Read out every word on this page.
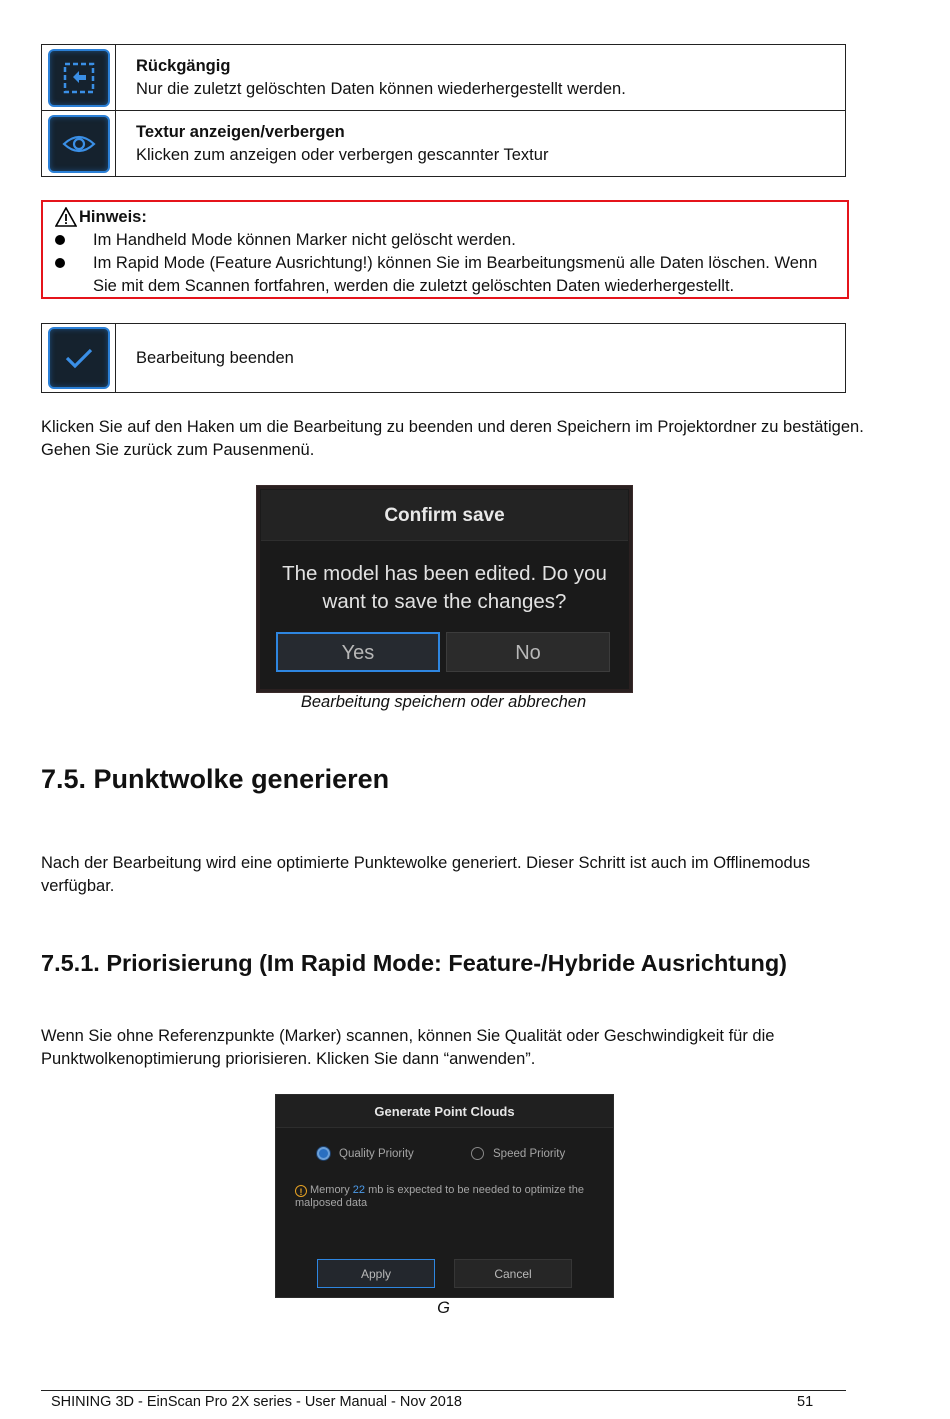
Rückgängig
Nur die zuletzt gelöschten Daten können wiederhergestellt werden.
Textur anzeigen/verbergen
Klicken zum anzeigen oder verbergen gescannter Textur
Hinweis:
Im Handheld Mode können Marker nicht gelöscht werden.
Im Rapid Mode (Feature Ausrichtung!) können Sie im Bearbeitungsmenü alle Daten löschen. Wenn Sie mit dem Scannen fortfahren, werden die zuletzt gelöschten Daten wiederhergestellt.
Bearbeitung beenden
Klicken Sie auf den Haken um die Bearbeitung zu beenden und deren Speichern im Projektordner zu bestätigen. Gehen Sie zurück zum Pausenmenü.
Confirm save
The model has been edited. Do you want to save the changes?
Yes	No
Bearbeitung speichern oder abbrechen
7.5. Punktwolke generieren
Nach der Bearbeitung wird eine optimierte Punktewolke generiert. Dieser Schritt ist auch im Offlinemodus verfügbar.
7.5.1. Priorisierung (Im Rapid Mode: Feature-/Hybride Ausrichtung)
Wenn Sie ohne Referenzpunkte (Marker) scannen, können Sie Qualität oder Geschwindigkeit für die Punktwolkenoptimierung priorisieren. Klicken Sie dann “anwenden”.
Generate Point Clouds
Apply	Cancel
Quality Priority	Speed Priority
! Memory 22 mb is expected to be needed to optimize the malposed data
G
SHINING 3D - EinScan Pro 2X series - User Manual - Nov 2018	51
